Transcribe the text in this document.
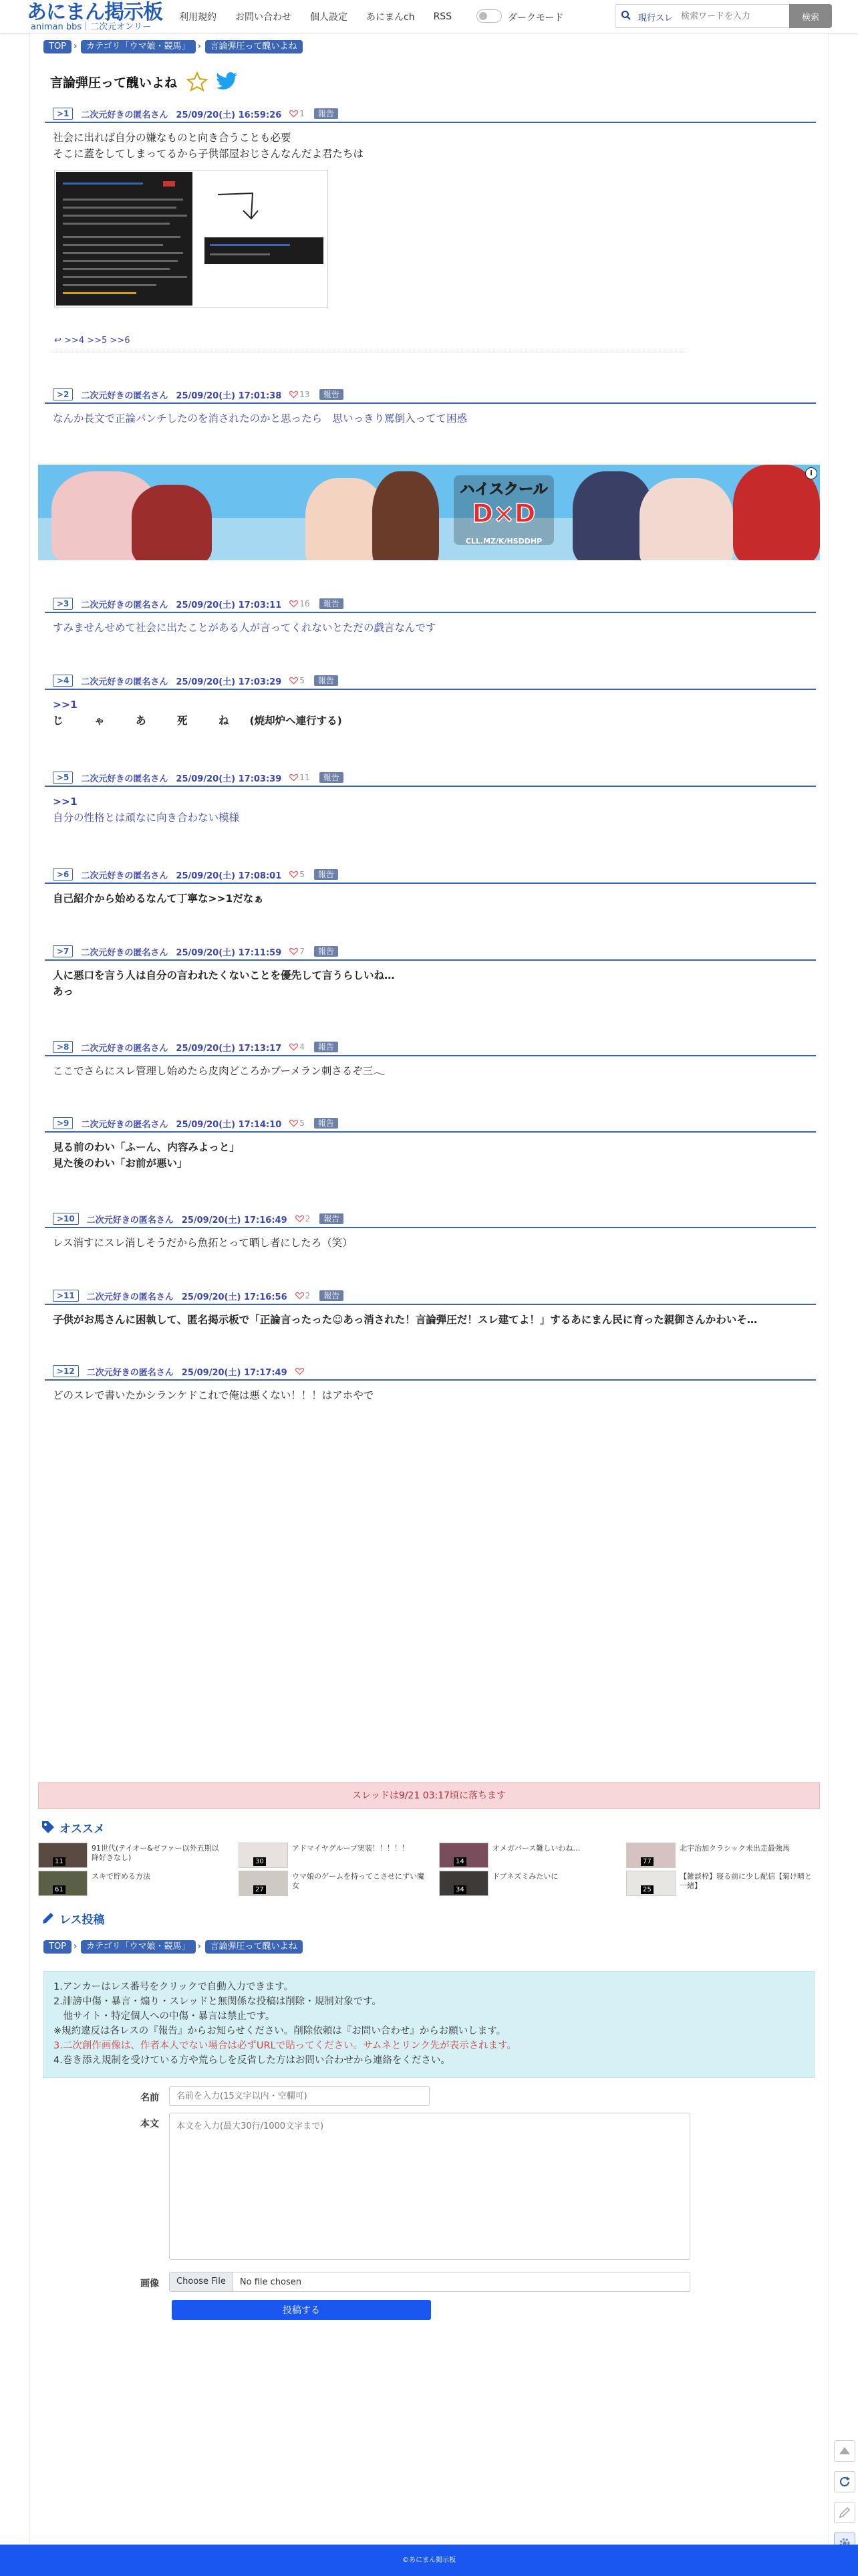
あにまん掲示板
animan bbs｜二次元オンリー
利用規約 お問い合わせ 個人設定 あにまんch RSS	ダークモード	現行スレ
検索ワードを入力	検索
TOP	› カテゴリ「ウマ娘・競馬」	› 言論弾圧って醜いよね
言論弾圧って醜いよね
>1	二次元好きの匿名さん 25/09/20(土) 16:59:26 1	報告
社会に出れば自分の嫌なものと向き合うことも必要
そこに蓋をしてしまってるから子供部屋おじさんなんだよ君たちは
↩︎ >>4 >>5 >>6
>2	二次元好きの匿名さん 25/09/20(土) 17:01:38 13	報告
なんか長文で正論パンチしたのを消されたのかと思ったら　思いっきり罵倒入ってて困惑
ハイスクール
D×D
CLL.MZ/K/HSDDHP
i
>3	二次元好きの匿名さん 25/09/20(土) 17:03:11 16	報告
すみませんせめて社会に出たことがある人が言ってくれないとただの戯言なんです
>4	二次元好きの匿名さん 25/09/20(土) 17:03:29 5	報告
>>1
じ　　　ゃ　　　あ　　　死　　　ね　　(焼却炉へ連行する)
>5	二次元好きの匿名さん 25/09/20(土) 17:03:39 11	報告
>>1
自分の性格とは頑なに向き合わない模様
>6	二次元好きの匿名さん 25/09/20(土) 17:08:01 5	報告
自己紹介から始めるなんて丁寧な>>1だなぁ
>7	二次元好きの匿名さん 25/09/20(土) 17:11:59 7	報告
人に悪口を言う人は自分の言われたくないことを優先して言うらしいね…
あっ
>8	二次元好きの匿名さん 25/09/20(土) 17:13:17 4	報告
ここでさらにスレ管理し始めたら皮肉どころかブーメラン刺さるぞ三𓂃
>9	二次元好きの匿名さん 25/09/20(土) 17:14:10 5	報告
見る前のわい「ふーん、内容みよっと」
見た後のわい「お前が悪い」
>10	二次元好きの匿名さん 25/09/20(土) 17:16:49 2	報告
レス消すにスレ消しそうだから魚拓とって晒し者にしたろ（笑）
>11	二次元好きの匿名さん 25/09/20(土) 17:16:56 2	報告
子供がお馬さんに困執して、匿名掲示板で「正論言ったった☺あっ消された！言論弾圧だ！スレ建てよ！」するあにまん民に育った親御さんかわいそ…
>12	二次元好きの匿名さん 25/09/20(土) 17:17:49
どのスレで書いたかシランケドこれで俺は悪くない！！！はアホやで
スレッドは9/21 03:17頃に落ちます
オススメ
11
91世代(テイオー&ゼファー以外五期以降好きなし)	30
アドマイヤグループ実装！！！！！
14
オメガバース難しいわね…
77
北宇治加クラシック未出走最強馬
61
スキで貯める方法
27
ウマ娘のゲームを持ってこさせにずい魔女	34
ドブネズミみたいに
25
【雑談枠】寝る前に少し配信【菊け晴と一緒】
レス投稿
TOP	› カテゴリ「ウマ娘・競馬」	› 言論弾圧って醜いよね
1.アンカーはレス番号をクリックで自動入力できます。
2.誹謗中傷・暴言・煽り・スレッドと無関係な投稿は削除・規制対象です。
　他サイト・特定個人への中傷・暴言は禁止です。
※規約違反は各レスの『報告』からお知らせください。削除依頼は『お問い合わせ』からお願いします。
3.二次創作画像は、作者本人でない場合は必ずURLで貼ってください。サムネとリンク先が表示されます。
4.巻き添え規制を受けている方や荒らしを反省した方はお問い合わせから連絡をください。
名前
名前を入力(15文字以内・空欄可)
本文
本文を入力(最大30行/1000文字まで)
画像	Choose File	No file chosen
投稿する
©あにまん掲示板
